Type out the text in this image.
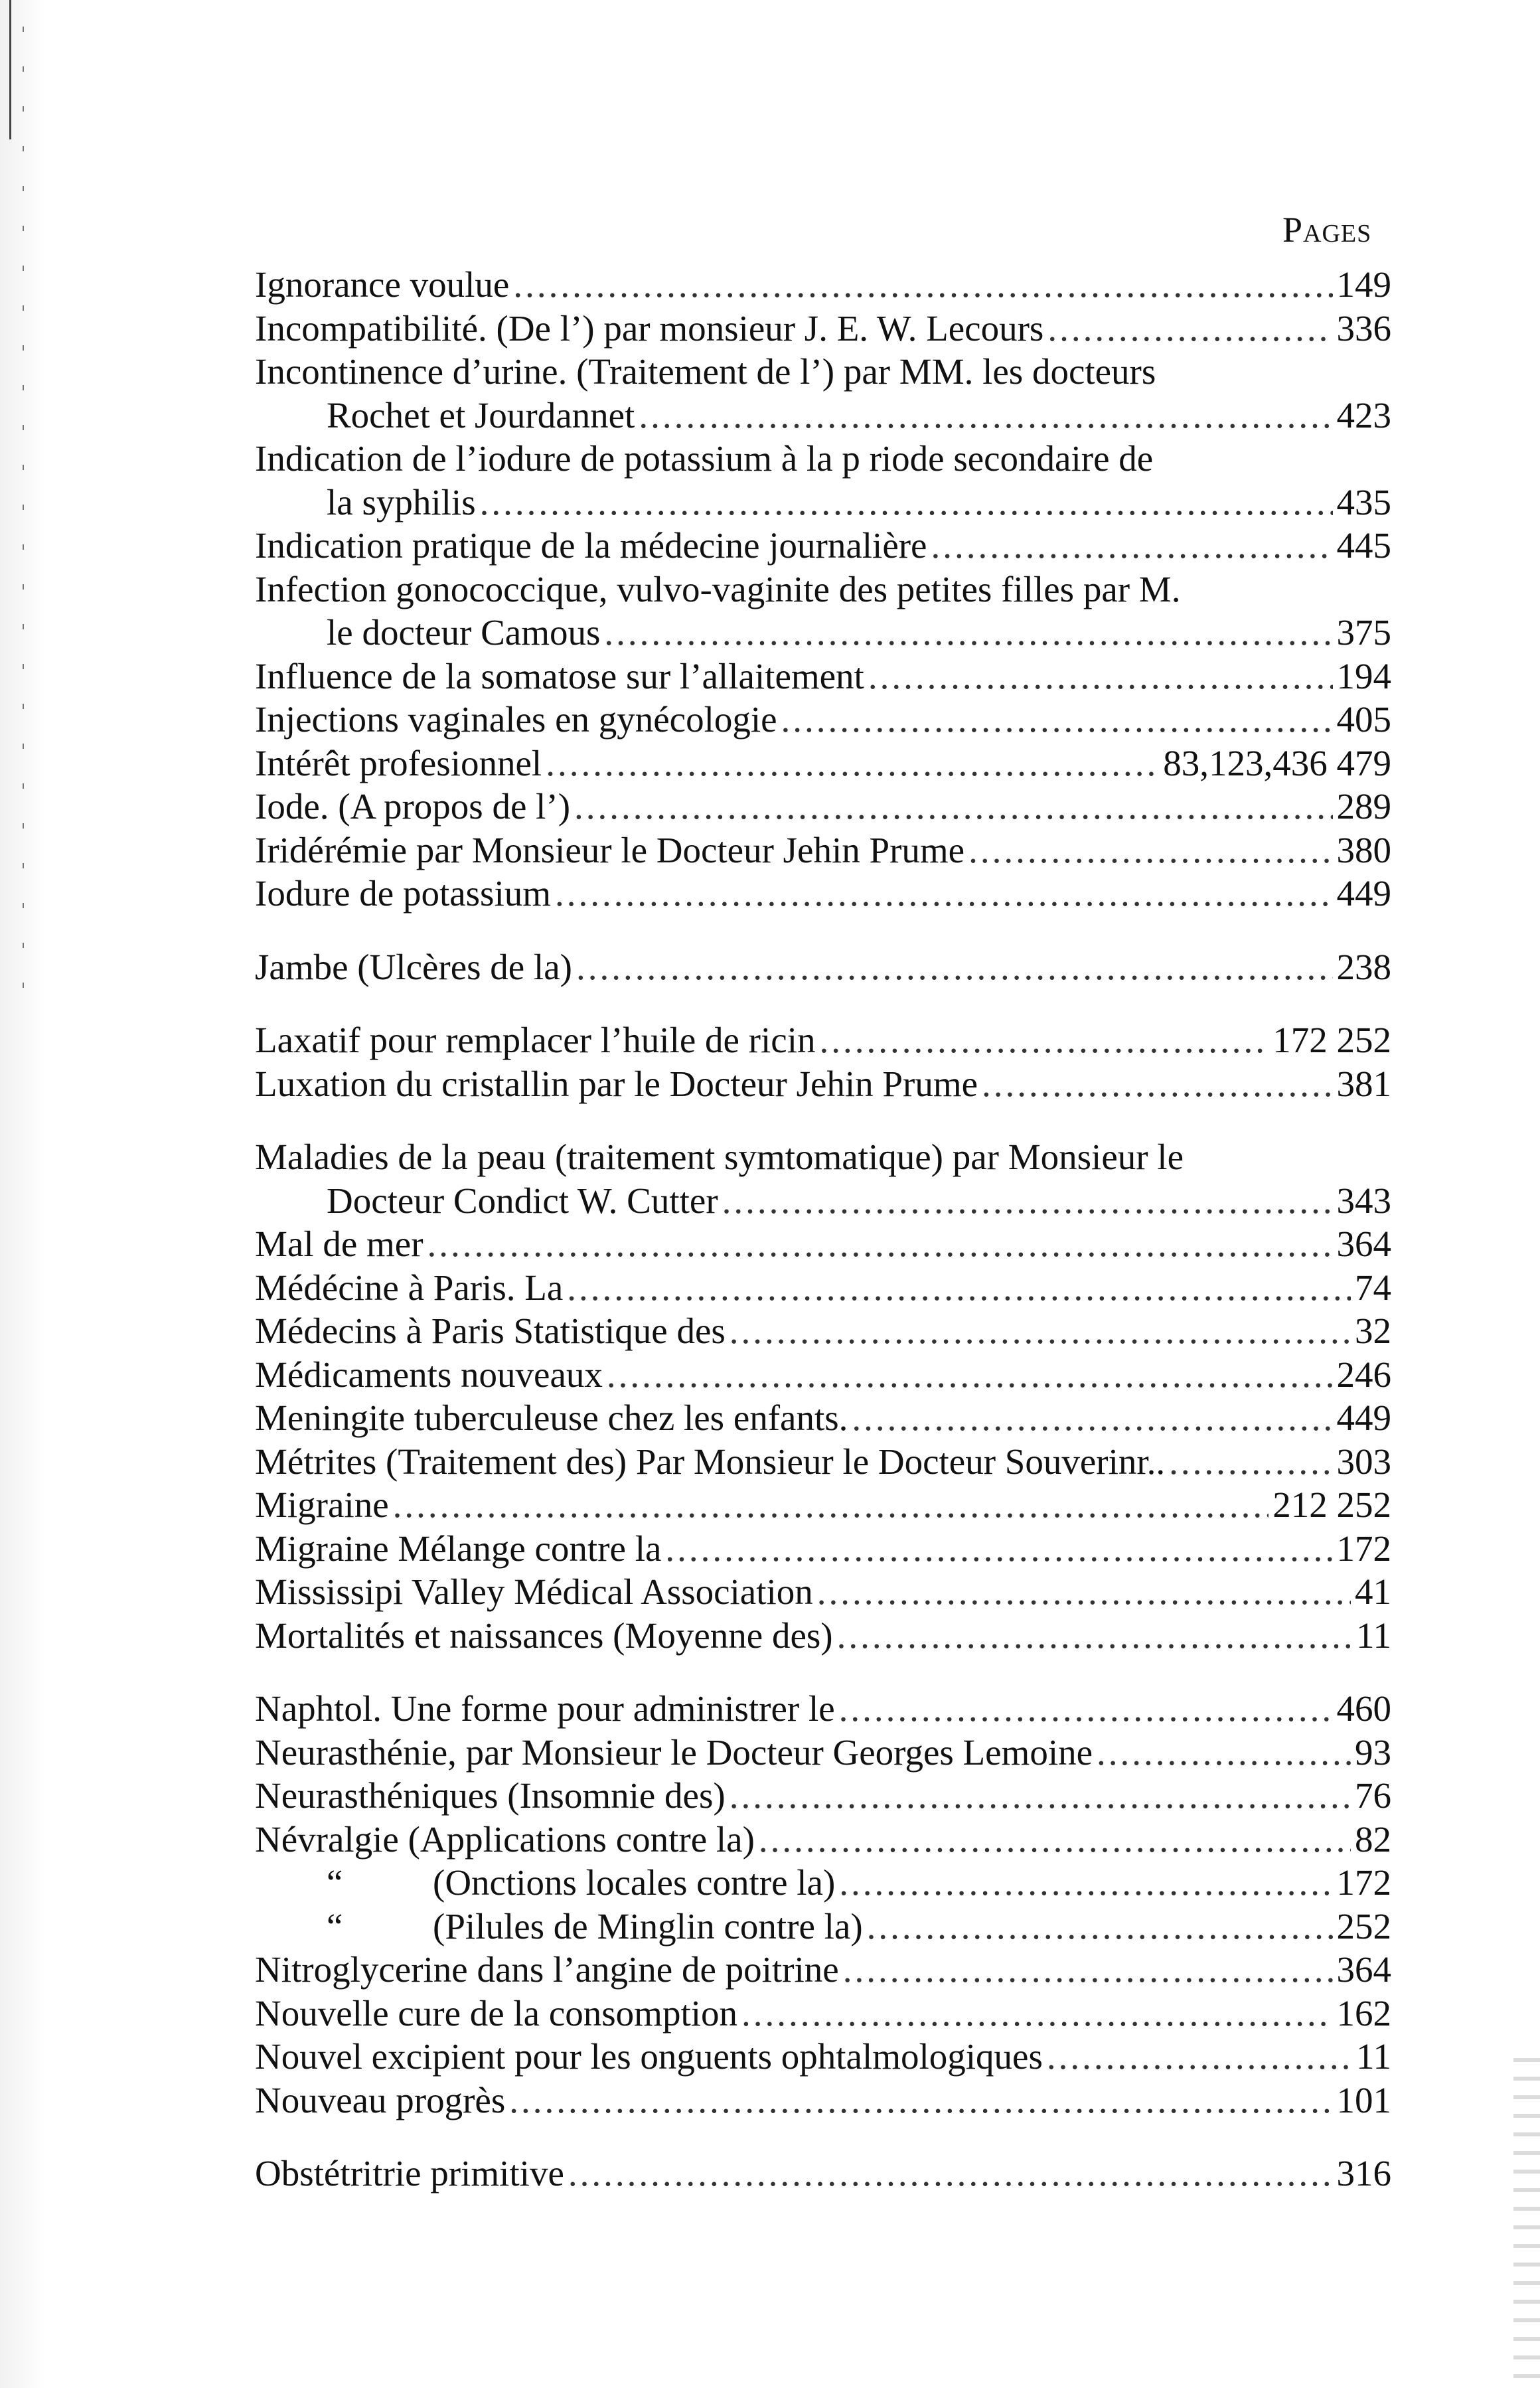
Pages
Ignorance voulue .....	149
Incompatibilité. (De l’) par monsieur J. E. W. Lecours .....	336
Incontinence d’urine. (Traitement de l’) par MM. les docteurs
Rochet et Jourdannet .....	423
Indication de l’iodure de potassium à la p riode secondaire de
la syphilis .....	435
Indication pratique de la médecine journalière .....	445
Infection gonococcique, vulvo-vaginite des petites filles par M.
le docteur Camous .....	375
Influence de la somatose sur l’allaitement .....	194
Injections vaginales en gynécologie .....	405
Intérêt profesionnel .....	83,123,436 479
Iode. (A propos de l’) .....	289
Iridérémie par Monsieur le Docteur Jehin Prume .....	380
Iodure de potassium .....	449
Jambe (Ulcères de la) .....	238
Laxatif pour remplacer l’huile de ricin .....	172 252
Luxation du cristallin par le Docteur Jehin Prume .....	381
Maladies de la peau (traitement symtomatique) par Monsieur le
Docteur Condict W. Cutter .....	343
Mal de mer .....	364
Médécine à Paris. La .....	74
Médecins à Paris Statistique des .....	32
Médicaments nouveaux .....	246
Meningite tuberculeuse chez les enfants. .....	449
Métrites (Traitement des) Par Monsieur le Docteur Souverinr.. .....	303
Migraine .....	212 252
Migraine Mélange contre la .....	172
Mississipi Valley Médical Association .....	41
Mortalités et naissances (Moyenne des) .....	11
Naphtol. Une forme pour administrer le .....	460
Neurasthénie, par Monsieur le Docteur Georges Lemoine .....	93
Neurasthéniques (Insomnie des) .....	76
Névralgie (Applications contre la) .....	82
“ (Onctions locales contre la) .....	172
“ (Pilules de Minglin contre la) .....	252
Nitroglycerine dans l’angine de poitrine .....	364
Nouvelle cure de la consomption .....	162
Nouvel excipient pour les onguents ophtalmologiques .....	11
Nouveau progrès .....	101
Obstétritrie primitive .....	316
